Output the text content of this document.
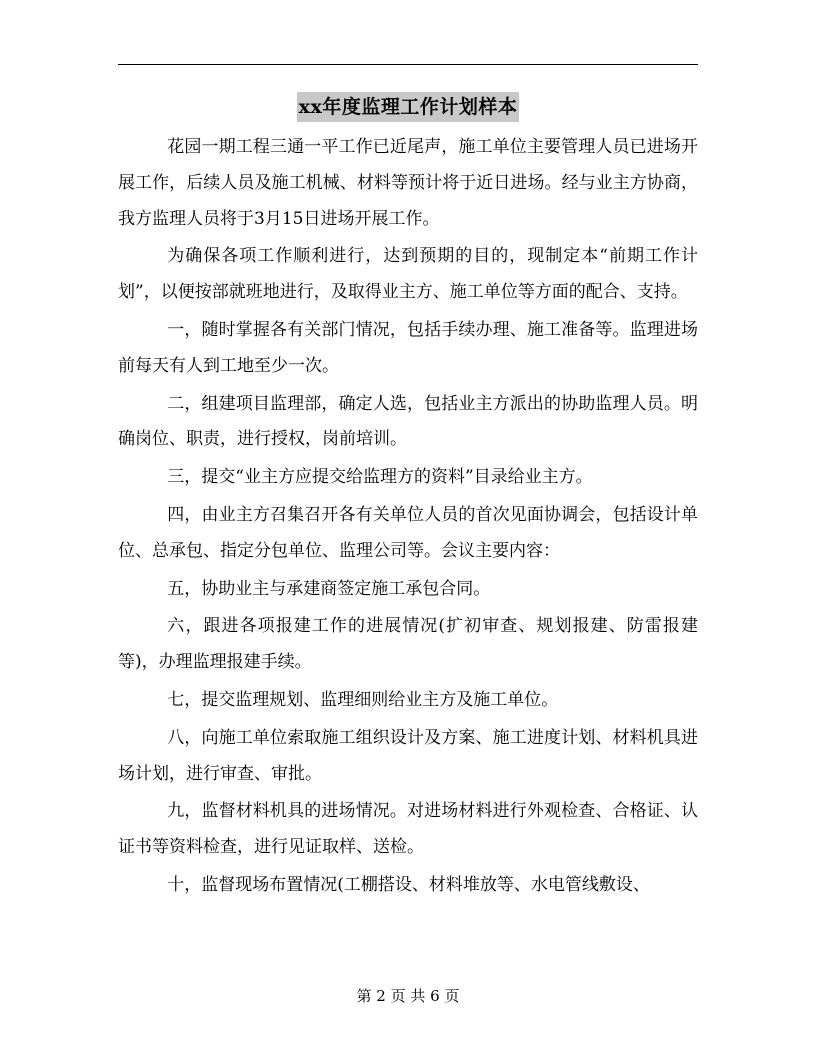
xx年度监理工作计划样本

花园一期工程三通一平工作已近尾声，施工单位主要管理人员已进场开展工作，后续人员及施工机械、材料等预计将于近日进场。经与业主方协商，我方监理人员将于3月15日进场开展工作。

为确保各项工作顺利进行，达到预期的目的，现制定本“前期工作计划”，以便按部就班地进行，及取得业主方、施工单位等方面的配合、支持。

一，随时掌握各有关部门情况，包括手续办理、施工准备等。监理进场前每天有人到工地至少一次。

二，组建项目监理部，确定人选，包括业主方派出的协助监理人员。明确岗位、职责，进行授权，岗前培训。

三，提交“业主方应提交给监理方的资料”目录给业主方。

四，由业主方召集召开各有关单位人员的首次见面协调会，包括设计单位、总承包、指定分包单位、监理公司等。会议主要内容：

五，协助业主与承建商签定施工承包合同。

六，跟进各项报建工作的进展情况(扩初审查、规划报建、防雷报建等)，办理监理报建手续。

七，提交监理规划、监理细则给业主方及施工单位。

八，向施工单位索取施工组织设计及方案、施工进度计划、材料机具进场计划，进行审查、审批。

九，监督材料机具的进场情况。对进场材料进行外观检查、合格证、认证书等资料检查，进行见证取样、送检。

十，监督现场布置情况(工棚搭设、材料堆放等、水电管线敷设、

第 2 页 共 6 页
